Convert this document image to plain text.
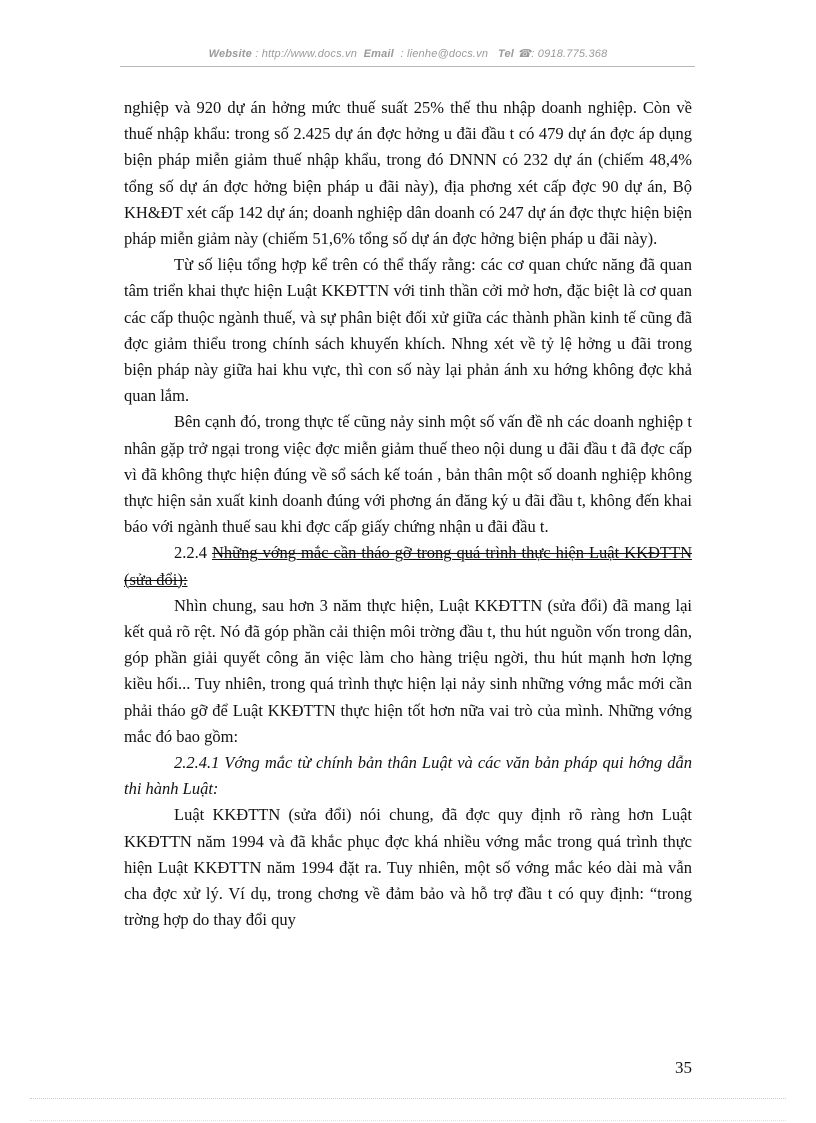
Website : http://www.docs.vn Email : lienhe@docs.vn Tel ☎: 0918.775.368

nghiệp và 920 dự án hởng mức thuế suất 25% thế thu nhập doanh nghiệp. Còn về thuế nhập khẩu: trong số 2.425 dự án đợc hởng u đãi đầu t có 479 dự án đợc áp dụng biện pháp miễn giảm thuế nhập khẩu, trong đó DNNN có 232 dự án (chiếm 48,4% tổng số dự án đợc hởng biện pháp u đãi này), địa phơng xét cấp đợc 90 dự án, Bộ KH&ĐT xét cấp 142 dự án; doanh nghiệp dân doanh có 247 dự án đợc thực hiện biện pháp miễn giảm này (chiếm 51,6% tổng số dự án đợc hởng biện pháp u đãi này).

Từ số liệu tổng hợp kể trên có thể thấy rằng: các cơ quan chức năng đã quan tâm triển khai thực hiện Luật KKĐTTN với tinh thần cởi mở hơn, đặc biệt là cơ quan các cấp thuộc ngành thuế, và sự phân biệt đối xử giữa các thành phần kinh tế cũng đã đợc giảm thiểu trong chính sách khuyến khích. Nhng xét về tỷ lệ hởng u đãi trong biện pháp này giữa hai khu vực, thì con số này lại phản ánh xu hớng không đợc khả quan lắm.

Bên cạnh đó, trong thực tế cũng nảy sinh một số vấn đề nh các doanh nghiệp t nhân gặp trở ngại trong việc đợc miễn giảm thuế theo nội dung u đãi đầu t đã đợc cấp vì đã không thực hiện đúng về sổ sách kế toán , bản thân một số doanh nghiệp không thực hiện sản xuất kinh doanh đúng với phơng án đăng ký u đãi đầu t, không đến khai báo với ngành thuế sau khi đợc cấp giấy chứng nhận u đãi đầu t.

2.2.4 Những vớng mắc cần tháo gỡ trong quá trình thực hiện Luật KKĐTTN (sửa đổi):

Nhìn chung, sau hơn 3 năm thực hiện, Luật KKĐTTN (sửa đổi) đã mang lại kết quả rõ rệt. Nó đã góp phần cải thiện môi trờng đầu t, thu hút nguồn vốn trong dân, góp phần giải quyết công ăn việc làm cho hàng triệu ngời, thu hút mạnh hơn lợng kiều hối... Tuy nhiên, trong quá trình thực hiện lại nảy sinh những vớng mắc mới cần phải tháo gỡ để Luật KKĐTTN thực hiện tốt hơn nữa vai trò của mình. Những vớng mắc đó bao gồm:

2.2.4.1 Vớng mắc từ chính bản thân Luật và các văn bản pháp qui hớng dẫn thi hành Luật:

Luật KKĐTTN (sửa đổi) nói chung, đã đợc quy định rõ ràng hơn Luật KKĐTTN năm 1994 và đã khắc phục đợc khá nhiều vớng mắc trong quá trình thực hiện Luật KKĐTTN năm 1994 đặt ra. Tuy nhiên, một số vớng mắc kéo dài mà vẫn cha đợc xử lý. Ví dụ, trong chơng về đảm bảo và hỗ trợ đầu t có quy định: “trong trờng hợp do thay đổi quy

35
